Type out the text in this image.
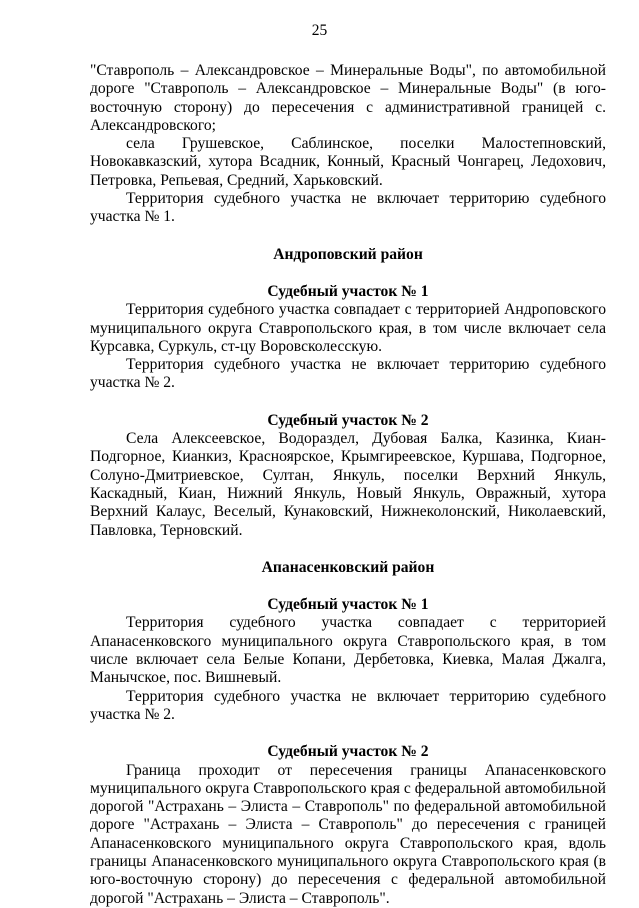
25

"Ставрополь – Александровское – Минеральные Воды", по автомобильной дороге "Ставрополь – Александровское – Минеральные Воды" (в юго-восточную сторону) до пересечения с административной границей с. Александровского;

села Грушевское, Саблинское, поселки Малостепновский, Новокавказский, хутора Всадник, Конный, Красный Чонгарец, Ледохович, Петровка, Репьевая, Средний, Харьковский.

Территория судебного участка не включает территорию судебного участка № 1.

Андроповский район

Судебный участок № 1

Территория судебного участка совпадает с территорией Андроповского муниципального округа Ставропольского края, в том числе включает села Курсавка, Суркуль, ст-цу Воровсколесскую.

Территория судебного участка не включает территорию судебного участка № 2.

Судебный участок № 2

Села Алексеевское, Водораздел, Дубовая Балка, Казинка, Киан-Подгорное, Кианкиз, Красноярское, Крымгиреевское, Куршава, Подгорное, Солуно-Дмитриевское, Султан, Янкуль, поселки Верхний Янкуль, Каскадный, Киан, Нижний Янкуль, Новый Янкуль, Овражный, хутора Верхний Калаус, Веселый, Кунаковский, Нижнеколонский, Николаевский, Павловка, Терновский.

Апанасенковский район

Судебный участок № 1

Территория судебного участка совпадает с территорией Апанасенковского муниципального округа Ставропольского края, в том числе включает села Белые Копани, Дербетовка, Киевка, Малая Джалга, Манычское, пос. Вишневый.

Территория судебного участка не включает территорию судебного участка № 2.

Судебный участок № 2

Граница проходит от пересечения границы Апанасенковского муниципального округа Ставропольского края с федеральной автомобильной дорогой "Астрахань – Элиста – Ставрополь" по федеральной автомобильной дороге "Астрахань – Элиста – Ставрополь" до пересечения с границей Апанасенковского муниципального округа Ставропольского края, вдоль границы Апанасенковского муниципального округа Ставропольского края (в юго-восточную сторону) до пересечения с федеральной автомобильной дорогой "Астрахань – Элиста – Ставрополь".
